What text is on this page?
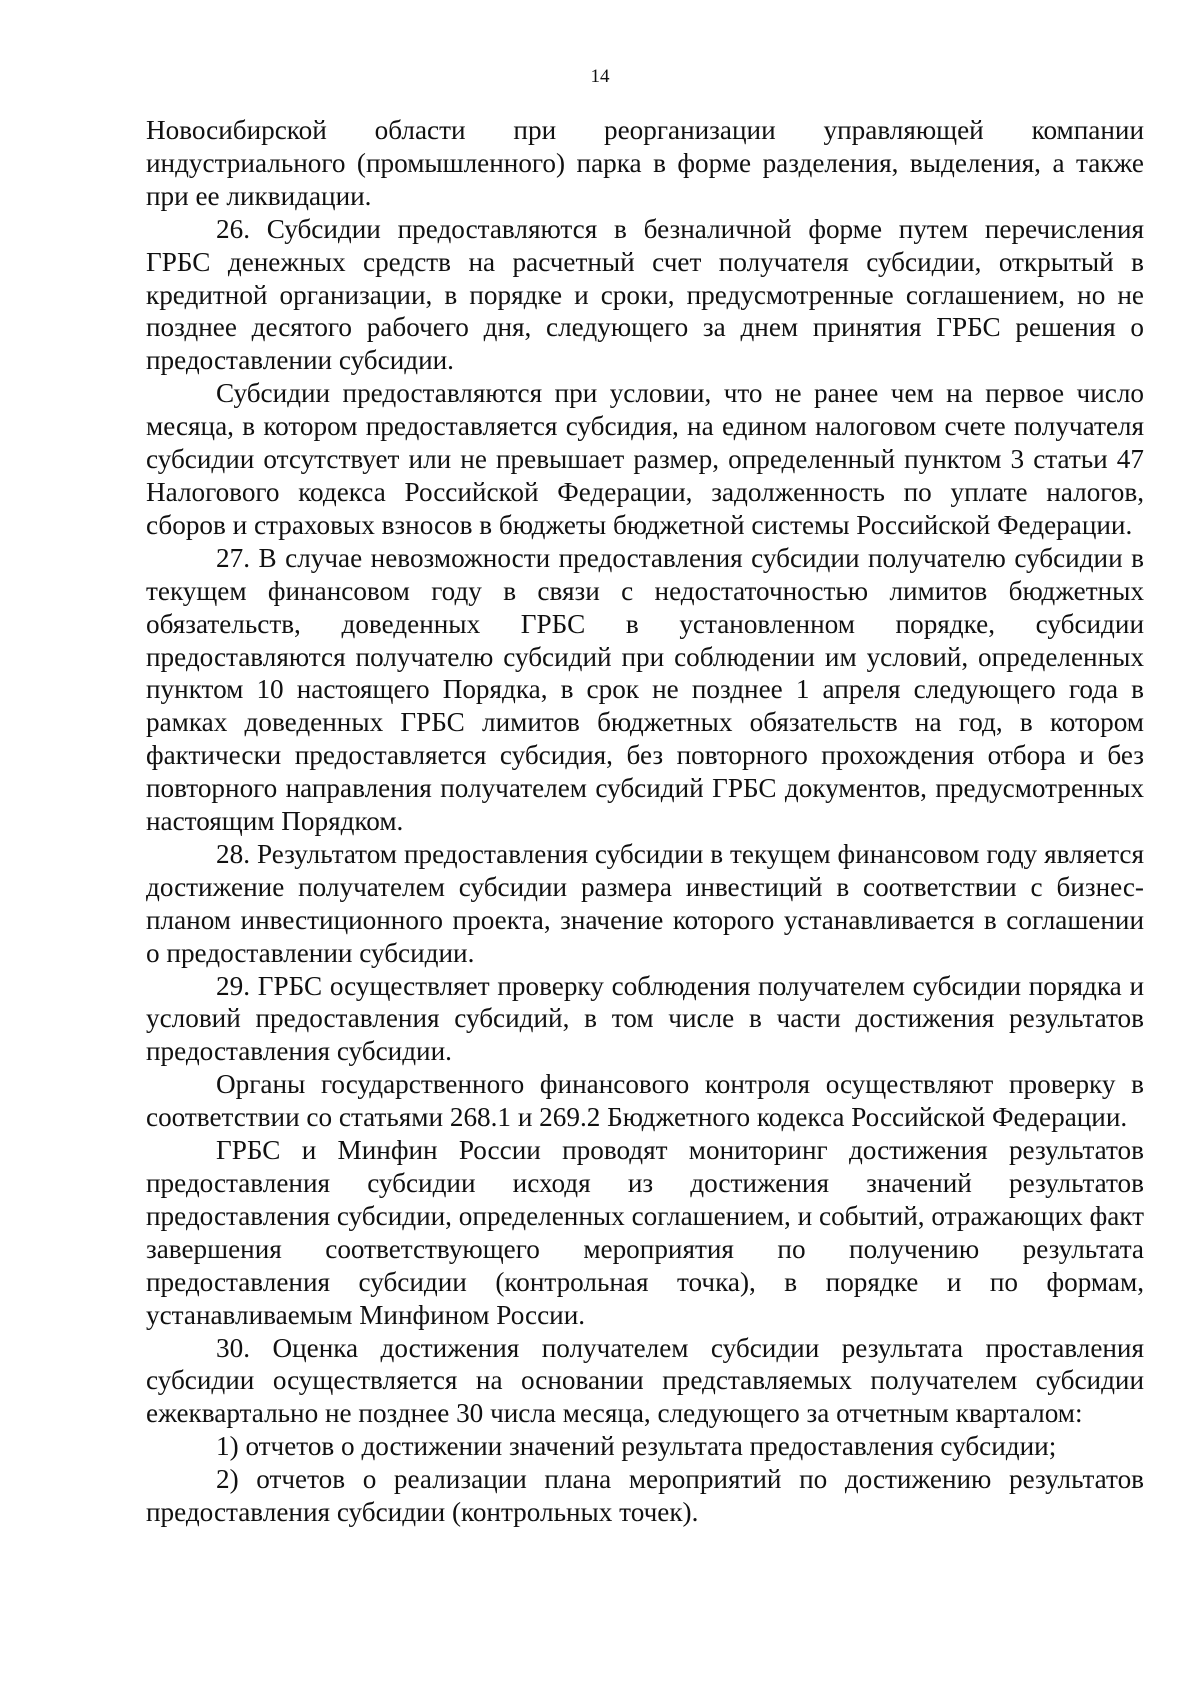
14

Новосибирской области при реорганизации управляющей компании индустриального (промышленного) парка в форме разделения, выделения, а также при ее ликвидации.

26. Субсидии предоставляются в безналичной форме путем перечисления ГРБС денежных средств на расчетный счет получателя субсидии, открытый в кредитной организации, в порядке и сроки, предусмотренные соглашением, но не позднее десятого рабочего дня, следующего за днем принятия ГРБС решения о предоставлении субсидии.

Субсидии предоставляются при условии, что не ранее чем на первое число месяца, в котором предоставляется субсидия, на едином налоговом счете получателя субсидии отсутствует или не превышает размер, определенный пунктом 3 статьи 47 Налогового кодекса Российской Федерации, задолженность по уплате налогов, сборов и страховых взносов в бюджеты бюджетной системы Российской Федерации.

27. В случае невозможности предоставления субсидии получателю субсидии в текущем финансовом году в связи с недостаточностью лимитов бюджетных обязательств, доведенных ГРБС в установленном порядке, субсидии предоставляются получателю субсидий при соблюдении им условий, определенных пунктом 10 настоящего Порядка, в срок не позднее 1 апреля следующего года в рамках доведенных ГРБС лимитов бюджетных обязательств на год, в котором фактически предоставляется субсидия, без повторного прохождения отбора и без повторного направления получателем субсидий ГРБС документов, предусмотренных настоящим Порядком.

28. Результатом предоставления субсидии в текущем финансовом году является достижение получателем субсидии размера инвестиций в соответствии с бизнес-планом инвестиционного проекта, значение которого устанавливается в соглашении о предоставлении субсидии.

29. ГРБС осуществляет проверку соблюдения получателем субсидии порядка и условий предоставления субсидий, в том числе в части достижения результатов предоставления субсидии.

Органы государственного финансового контроля осуществляют проверку в соответствии со статьями 268.1 и 269.2 Бюджетного кодекса Российской Федерации.

ГРБС и Минфин России проводят мониторинг достижения результатов предоставления субсидии исходя из достижения значений результатов предоставления субсидии, определенных соглашением, и событий, отражающих факт завершения соответствующего мероприятия по получению результата предоставления субсидии (контрольная точка), в порядке и по формам, устанавливаемым Минфином России.

30. Оценка достижения получателем субсидии результата проставления субсидии осуществляется на основании представляемых получателем субсидии ежеквартально не позднее 30 числа месяца, следующего за отчетным кварталом:

1) отчетов о достижении значений результата предоставления субсидии;

2) отчетов о реализации плана мероприятий по достижению результатов предоставления субсидии (контрольных точек).
